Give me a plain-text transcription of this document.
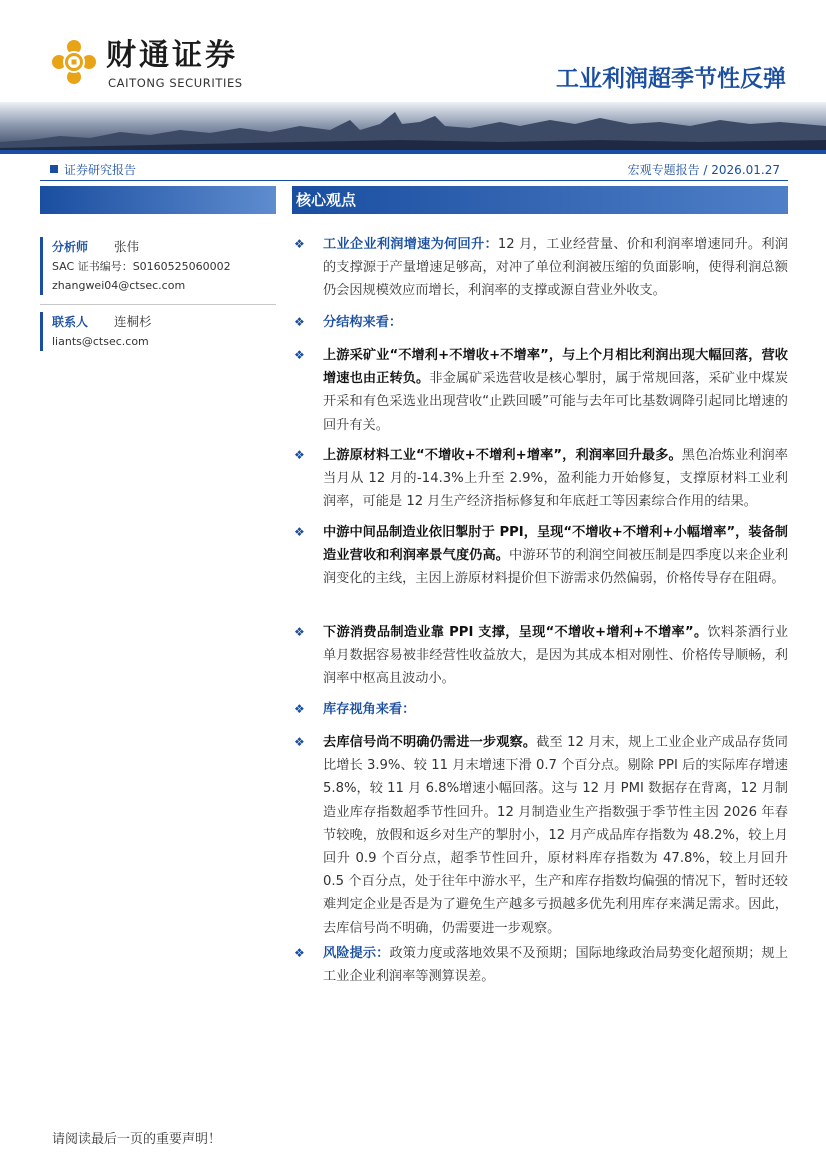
财通证券
CAITONG SECURITIES	工业利润超季节性反弹
证券研究报告	宏观专题报告 / 2026.01.27
分析师 张伟
SAC 证书编号：S0160525060002
zhangwei04@ctsec.com
联系人 连桐杉
liants@ctsec.com
核心观点
❖ 工业企业利润增速为何回升：12 月，工业经营量、价和利润率增速同升。利润的支撑源于产量增速足够高，对冲了单位利润被压缩的负面影响，使得利润总额仍会因规模效应而增长，利润率的支撑或源自营业外收支。
❖ 分结构来看：
❖ 上游采矿业“不增利+不增收+不增率”，与上个月相比利润出现大幅回落，营收增速也由正转负。非金属矿采选营收是核心掣肘，属于常规回落，采矿业中煤炭开采和有色采选业出现营收“止跌回暖”可能与去年可比基数调降引起同比增速的回升有关。
❖ 上游原材料工业“不增收+不增利+增率”，利润率回升最多。黑色冶炼业利润率当月从 12 月的-14.3%上升至 2.9%，盈利能力开始修复，支撑原材料工业利润率，可能是 12 月生产经济指标修复和年底赶工等因素综合作用的结果。
❖ 中游中间品制造业依旧掣肘于 PPI，呈现“不增收+不增利+小幅增率”，装备制造业营收和利润率景气度仍高。中游环节的利润空间被压制是四季度以来企业利润变化的主线，主因上游原材料提价但下游需求仍然偏弱，价格传导存在阻碍。
❖ 下游消费品制造业靠 PPI 支撑，呈现“不增收+增利+不增率”。饮料茶酒行业单月数据容易被非经营性收益放大，是因为其成本相对刚性、价格传导顺畅，利润率中枢高且波动小。
❖ 库存视角来看：
❖ 去库信号尚不明确仍需进一步观察。截至 12 月末，规上工业企业产成品存货同比增长 3.9%、较 11 月末增速下滑 0.7 个百分点。剔除 PPI 后的实际库存增速 5.8%，较 11 月 6.8%增速小幅回落。这与 12 月 PMI 数据存在背离，12 月制造业库存指数超季节性回升。12 月制造业生产指数强于季节性主因 2026 年春节较晚，放假和返乡对生产的掣肘小，12 月产成品库存指数为 48.2%，较上月回升 0.9 个百分点，超季节性回升，原材料库存指数为 47.8%，较上月回升 0.5 个百分点，处于往年中游水平，生产和库存指数均偏强的情况下，暂时还较难判定企业是否是为了避免生产越多亏损越多优先利用库存来满足需求。因此，去库信号尚不明确，仍需要进一步观察。
❖ 风险提示：政策力度或落地效果不及预期；国际地缘政治局势变化超预期；规上工业企业利润率等测算误差。
请阅读最后一页的重要声明！
